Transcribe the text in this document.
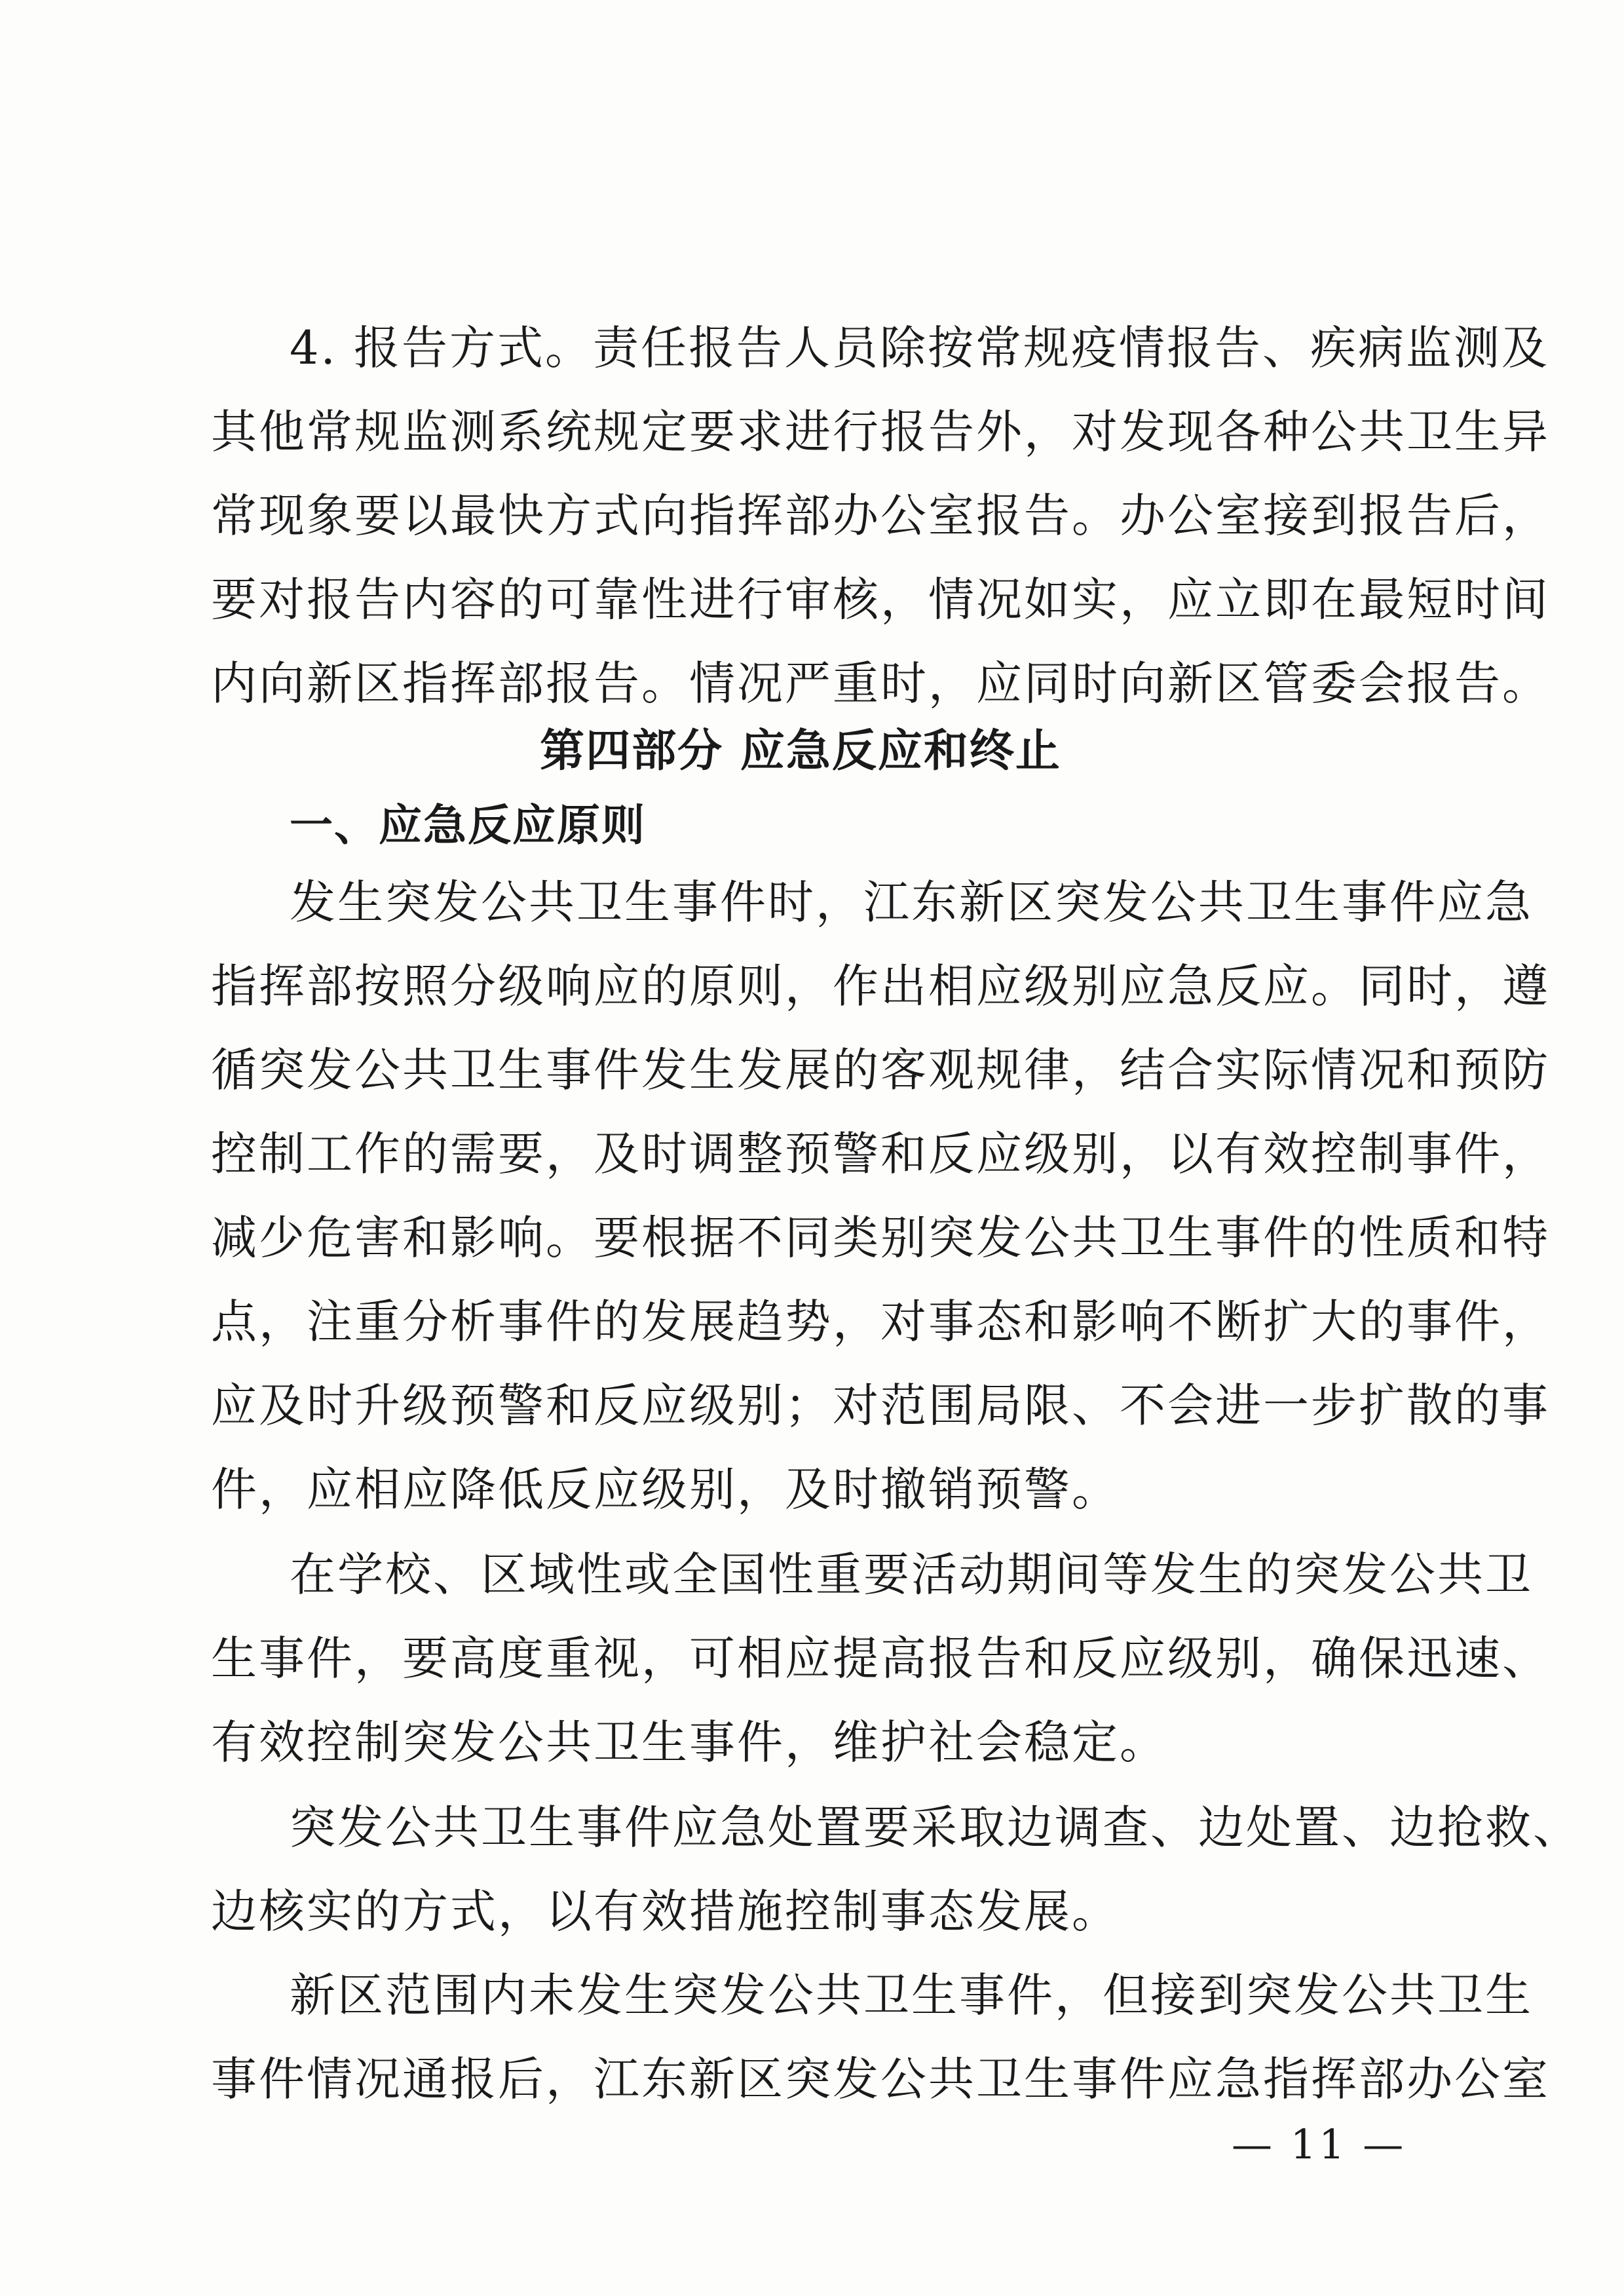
4. 报告方式。责任报告人员除按常规疫情报告、疾病监测及
其他常规监测系统规定要求进行报告外，对发现各种公共卫生异
常现象要以最快方式向指挥部办公室报告。办公室接到报告后，
要对报告内容的可靠性进行审核，情况如实，应立即在最短时间
内向新区指挥部报告。情况严重时，应同时向新区管委会报告。
第四部分 应急反应和终止
一、应急反应原则
发生突发公共卫生事件时，江东新区突发公共卫生事件应急
指挥部按照分级响应的原则，作出相应级别应急反应。同时，遵
循突发公共卫生事件发生发展的客观规律，结合实际情况和预防
控制工作的需要，及时调整预警和反应级别，以有效控制事件，
减少危害和影响。要根据不同类别突发公共卫生事件的性质和特
点，注重分析事件的发展趋势，对事态和影响不断扩大的事件，
应及时升级预警和反应级别；对范围局限、不会进一步扩散的事
件，应相应降低反应级别，及时撤销预警。
在学校、区域性或全国性重要活动期间等发生的突发公共卫
生事件，要高度重视，可相应提高报告和反应级别，确保迅速、
有效控制突发公共卫生事件，维护社会稳定。
突发公共卫生事件应急处置要采取边调查、边处置、边抢救、
边核实的方式，以有效措施控制事态发展。
新区范围内未发生突发公共卫生事件，但接到突发公共卫生
事件情况通报后，江东新区突发公共卫生事件应急指挥部办公室
— 11 —
